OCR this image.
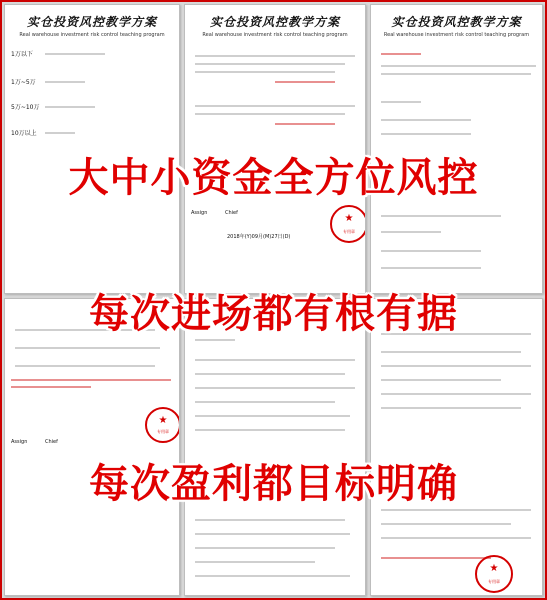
实仓投资风控教学方案
Real warehouse investment risk control teaching program
1万以下
1万~5万
5万~10万
10万以上
实仓投资风控教学方案
Real warehouse investment risk control teaching program
Assign	Chief
2018年(Y)09月(M)27日(D)
★
专用章
实仓投资风控教学方案
Real warehouse investment risk control teaching program
Assign	Chief
★
专用章
★
专用章
大中小资金全方位风控
每次进场都有根有据
每次盈利都目标明确
